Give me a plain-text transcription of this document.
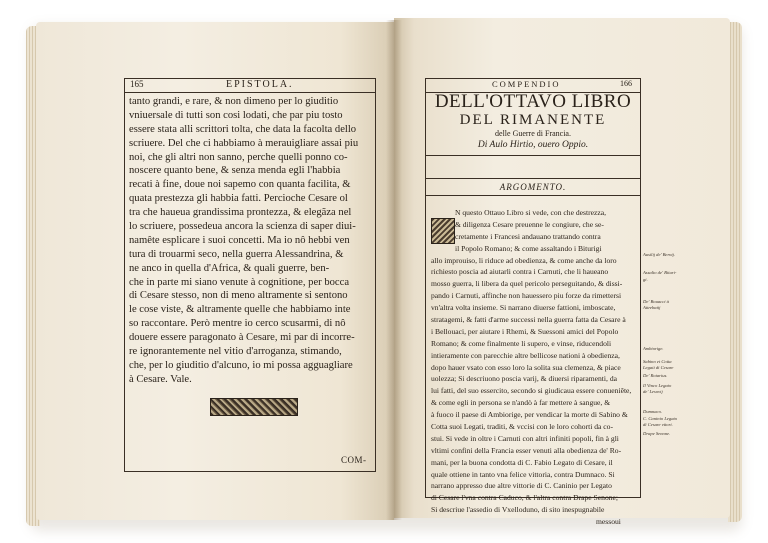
165	EPISTOLA.
tanto grandi, e rare, & non dimeno per lo giuditio
vniuersale di tutti son cosi lodati, che par piu tosto
essere stata alli scrittori tolta, che data la facolta dello
scriuere. Del che ci habbiamo à merauigliare assai piu
noi, che gli altri non sanno, perche quelli ponno co-
noscere quanto bene, & senza menda egli l'habbia
recati à fine, doue noi sapemo con quanta facilita, &
quata prestezza gli habbia fatti. Percioche Cesare ol
tra che haueua grandissima prontezza, & elegãza nel
lo scriuere, possedeua ancora la scienza di saper diui-
namête esplicare i suoi concetti. Ma io nô hebbi ven
tura di trouarmi seco, nella guerra Alessandrina, &
ne anco in quella d'Africa, & quali guerre, ben-
che in parte mi siano venute à cognitione, per bocca
di Cesare stesso, non di meno altramente si sentono
le cose viste, & altramente quelle che habbiamo inte
so raccontare. Però mentre io cerco scusarmi, di nô
douere essere paragonato à Cesare, mi par di incorre-
re ignorantemente nel vitio d'arroganza, stimando,
che, per lo giuditio d'alcuno, io mi possa agguagliare
à Cesare. Vale.
COM-
COMPENDIO	166
DELL'OTTAVO LIBRO
DEL RIMANENTE
delle Guerre di Francia.
Di Aulo Hirtio, ouero Oppio.
ARGOMENTO.
N questo Ottauo Libro si vede, con che destrezza,
& diligenza Cesare preuenne le congiure, che se-
cretamente i Francesi andauano trattando contra
il Popolo Romano; & come assaltando i Biturigi
allo improuiso, li riduce ad obedienza, & come anche da loro
richiesto poscia ad aiutarli contra i Carnuti, che li haueano
mosso guerra, li libera da quel pericolo perseguitando, & dissi-
pando i Carnuti, affinche non hauessero piu forze da rimettersi
vn'altra volta insieme. Si narrano diuerse fattioni, imboscate,
stratagemi, & fatti d'arme successi nella guerra fatta da Cesare à
i Bellouaci, per aiutare i Rhemi, & Suessoni amici del Popolo
Romano; & come finalmente li supero, e vinse, riducendoli
intieramente con parecchie altre bellicose nationi à obedienza,
dopo hauer vsato con esso loro la solita sua clemenza, & piace
uolezza; Si descriuono poscia varij, & diuersi riparamenti, da
lui fatti, del suo essercito, secondo si giudicaua essere conueniête,
& come egli in persona se n'andò à far mettere à sangue, &
à fuoco il paese di Ambiorige, per vendicar la morte di Sabino &
Cotta suoi Legati, traditi, & vccisi con le loro cohorti da co-
stui. Si vede in oltre i Carnuti con altri infiniti popoli, fin à gli
vltimi confini della Francia esser venuti alla obedienza de' Ro-
mani, per la buona condotta di C. Fabio Legato di Cesare, il
quale ottiene in tanto vna felice vittoria, contra Dumnaco. Si
narrano appresso due altre vittorie di C. Caninio per Legato
di Cesare l'vna contra Caduco, & l'altra contra Drape Senone;
Si descriue l'assedio di Vxelloduno, di sito inespugnabile
messoui
Ausilij de' Beroij.
Assalto de' Bituri-
gi.
De' Bouacci à
Attrebatij
Ambiorige.
Sabino et Cotta
Legati di Cesare
De' Rotarius.
Il Vinco Legato
de' Lesovij
Dumnaco.
C. Caninio Legato
di Cesare vttori.
Drape Senone.
